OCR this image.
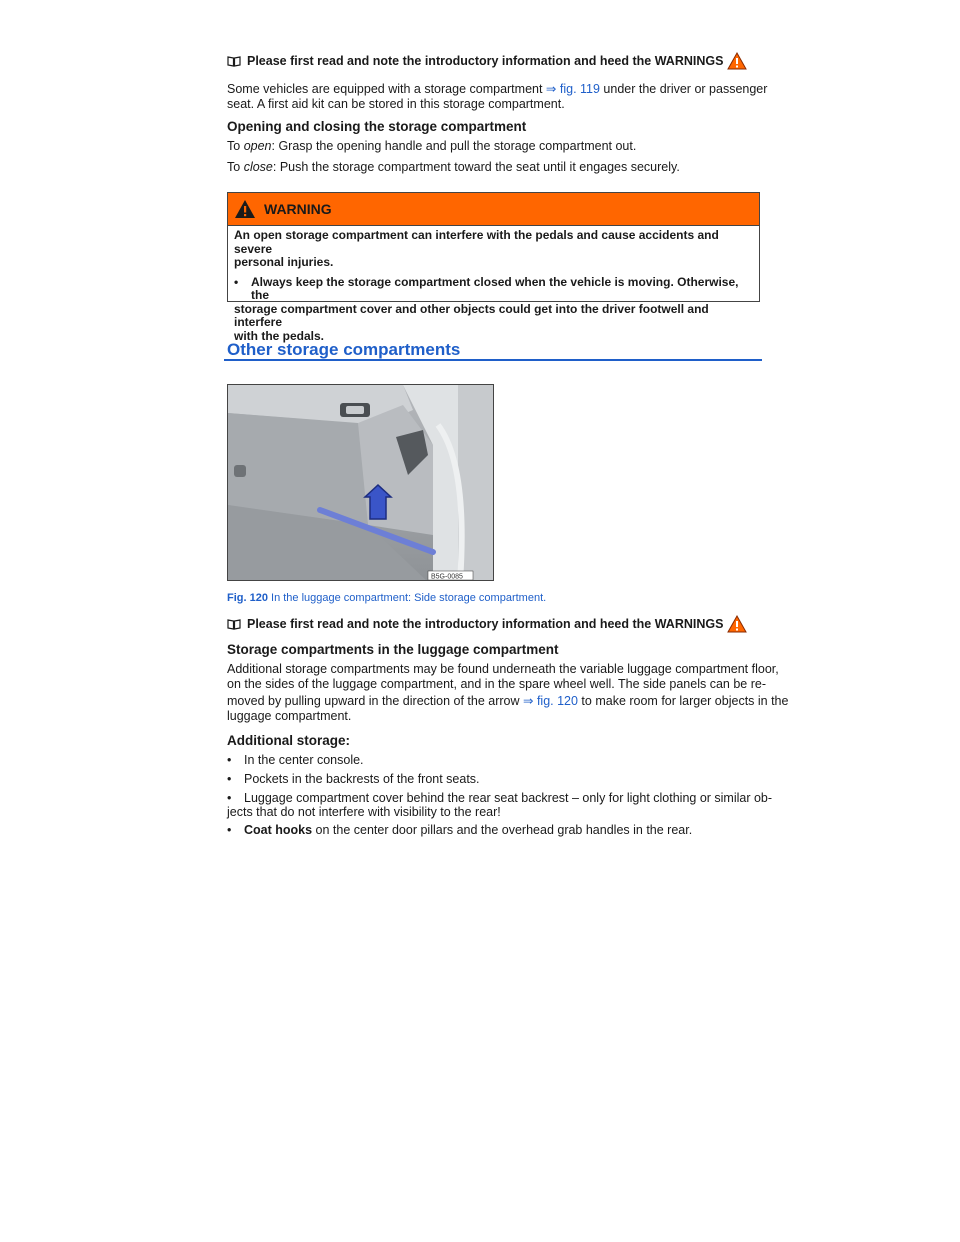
Please first read and note the introductory information and heed the WARNINGS
Some vehicles are equipped with a storage compartment ⇒ fig. 119 under the driver or passenger
seat. A first aid kit can be stored in this storage compartment.
Opening and closing the storage compartment
To open: Grasp the opening handle and pull the storage compartment out.
To close: Push the storage compartment toward the seat until it engages securely.
WARNING

An open storage compartment can interfere with the pedals and cause accidents and severe
personal injuries.

•	Always keep the storage compartment closed when the vehicle is moving. Otherwise, the

storage compartment cover and other objects could get into the driver footwell and interfere
with the pedals.
Other storage compartments
B5G-0085
Fig. 120 In the luggage compartment: Side storage compartment.
Please first read and note the introductory information and heed the WARNINGS
Storage compartments in the luggage compartment
Additional storage compartments may be found underneath the variable luggage compartment floor,
on the sides of the luggage compartment, and in the spare wheel well. The side panels can be re-
moved by pulling upward in the direction of the arrow ⇒ fig. 120 to make room for larger objects in the
luggage compartment.
Additional storage:
•	In the center console.
•	Pockets in the backrests of the front seats.
•	Luggage compartment cover behind the rear seat backrest – only for light clothing or similar ob-
jects that do not interfere with visibility to the rear!
•	Coat hooks on the center door pillars and the overhead grab handles in the rear.
